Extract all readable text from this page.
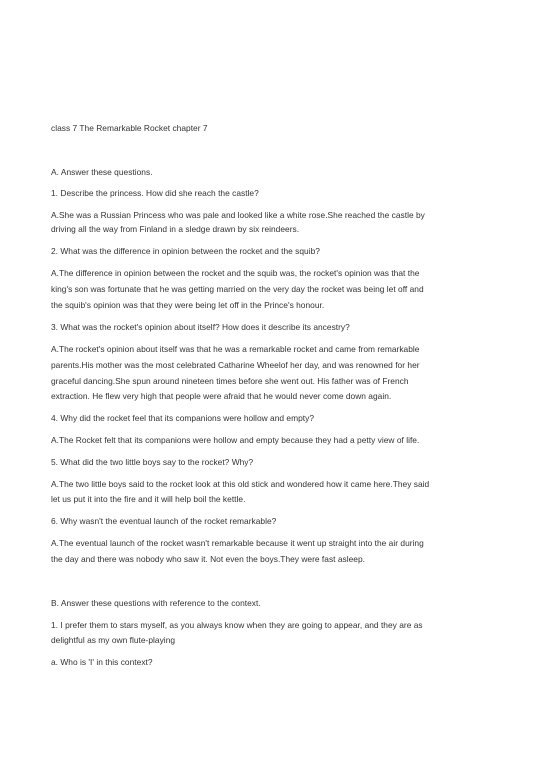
class 7 The Remarkable Rocket chapter 7

A. Answer these questions.

1. Describe the princess. How did she reach the castle?

A.She was a Russian Princess who was pale and looked like a white rose.She reached the castle by

driving all the way from Finland in a sledge drawn by six reindeers.

2. What was the difference in opinion between the rocket and the squib?

A.The difference in opinion between the rocket and the squib was, the rocket's opinion was that the

king's son was fortunate that he was getting married on the very day the rocket was being let off and

the squib's opinion was that they were being let off in the Prince's honour.

3. What was the rocket's opinion about itself? How does it describe its ancestry?

A.The rocket's opinion about itself was that he was a remarkable rocket and came from remarkable

parents.His mother was the most celebrated Catharine Wheelof her day, and was renowned for her

graceful dancing.She spun around nineteen times before she went out. His father was of French

extraction. He flew very high that people were afraid that he would never come down again.

4. Why did the rocket feel that its companions were hollow and empty?

A.The Rocket felt that its companions were hollow and empty because they had a petty view of life.

5. What did the two little boys say to the rocket? Why?

A.The two little boys said to the rocket look at this old stick and wondered how it came here.They said

let us put it into the fire and it will help boil the kettle.

6. Why wasn't the eventual launch of the rocket remarkable?

A.The eventual launch of the rocket wasn't remarkable because it went up straight into the air during

the day and there was nobody who saw it. Not even the boys.They were fast asleep.

B. Answer these questions with reference to the context.

1. I prefer them to stars myself, as you always know when they are going to appear, and they are as

delightful as my own flute-playing

a. Who is 'I' in this context?
